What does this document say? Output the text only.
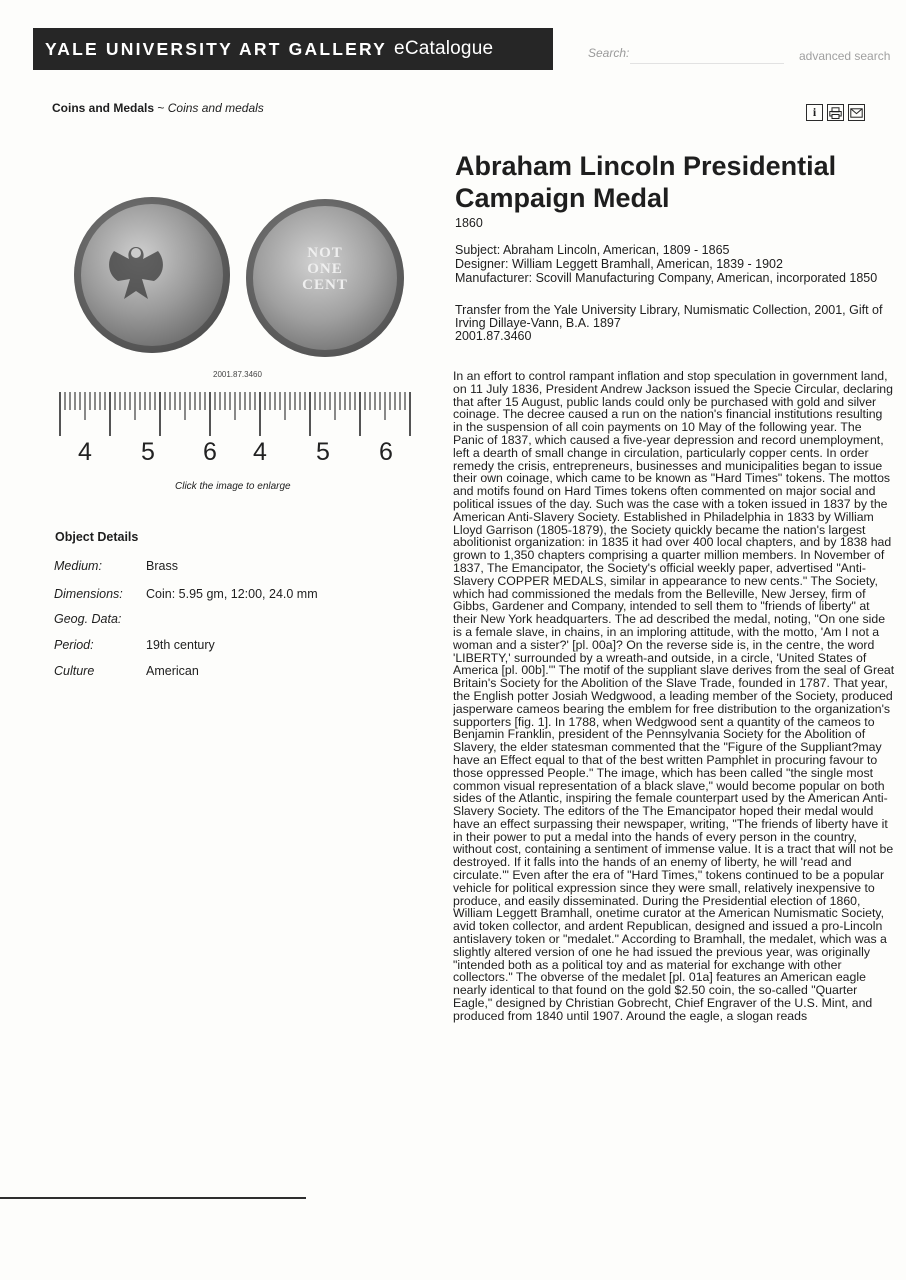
YALE UNIVERSITY ART GALLERY eCatalogue	Search:	advanced search
Coins and Medals ~ Coins and medals	i
Abraham Lincoln Presidential Campaign Medal
1860
Subject: Abraham Lincoln, American, 1809 - 1865
Designer: William Leggett Bramhall, American, 1839 - 1902
Manufacturer: Scovill Manufacturing Company, American, incorporated 1850
Transfer from the Yale University Library, Numismatic Collection, 2001, Gift of Irving Dillaye-Vann, B.A. 1897
2001.87.3460

In an effort to control rampant inflation and stop speculation in government land, on 11 July 1836, President Andrew Jackson issued the Specie Circular, declaring that after 15 August, public lands could only be purchased with gold and silver coinage. The decree caused a run on the nation's financial institutions resulting in the suspension of all coin payments on 10 May of the following year. The Panic of 1837, which caused a five-year depression and record unemployment, left a dearth of small change in circulation, particularly copper cents. In order remedy the crisis, entrepreneurs, businesses and municipalities began to issue their own coinage, which came to be known as "Hard Times" tokens. The mottos and motifs found on Hard Times tokens often commented on major social and political issues of the day. Such was the case with a token issued in 1837 by the American Anti-Slavery Society. Established in Philadelphia in 1833 by William Lloyd Garrison (1805-1879), the Society quickly became the nation's largest abolitionist organization: in 1835 it had over 400 local chapters, and by 1838 had grown to 1,350 chapters comprising a quarter million members. In November of 1837, The Emancipator, the Society's official weekly paper, advertised "Anti-Slavery COPPER MEDALS, similar in appearance to new cents." The Society, which had commissioned the medals from the Belleville, New Jersey, firm of Gibbs, Gardener and Company, intended to sell them to "friends of liberty" at their New York headquarters. The ad described the medal, noting, "On one side is a female slave, in chains, in an imploring attitude, with the motto, 'Am I not a woman and a sister?' [pl. 00a]? On the reverse side is, in the centre, the word 'LIBERTY,' surrounded by a wreath-and outside, in a circle, 'United States of America [pl. 00b].'" The motif of the suppliant slave derives from the seal of Great Britain's Society for the Abolition of the Slave Trade, founded in 1787. That year, the English potter Josiah Wedgwood, a leading member of the Society, produced jasperware cameos bearing the emblem for free distribution to the organization's supporters [fig. 1]. In 1788, when Wedgwood sent a quantity of the cameos to Benjamin Franklin, president of the Pennsylvania Society for the Abolition of Slavery, the elder statesman commented that the "Figure of the Suppliant?may have an Effect equal to that of the best written Pamphlet in procuring favour to those oppressed People." The image, which has been called "the single most common visual representation of a black slave," would become popular on both sides of the Atlantic, inspiring the female counterpart used by the American Anti-Slavery Society. The editors of the The Emancipator hoped their medal would have an effect surpassing their newspaper, writing, "The friends of liberty have it in their power to put a medal into the hands of every person in the country, without cost, containing a sentiment of immense value. It is a tract that will not be destroyed. If it falls into the hands of an enemy of liberty, he will 'read and circulate.'" Even after the era of "Hard Times," tokens continued to be a popular vehicle for political expression since they were small, relatively inexpensive to produce, and easily disseminated. During the Presidential election of 1860, William Leggett Bramhall, onetime curator at the American Numismatic Society, avid token collector, and ardent Republican, designed and issued a pro-Lincoln antislavery token or "medalet." According to Bramhall, the medalet, which was a slightly altered version of one he had issued the previous year, was originally "intended both as a political toy and as material for exchange with other collectors." The obverse of the medalet [pl. 01a] features an American eagle nearly identical to that found on the gold $2.50 coin, the so-called "Quarter Eagle," designed by Christian Gobrecht, Chief Engraver of the U.S. Mint, and produced from 1840 until 1907. Around the eagle, a slogan reads

NOT
ONE
CENT
2001.87.3460
4 5 6 4 5 6
Click the image to enlarge
Object Details
Medium:	Brass
Dimensions: Coin: 5.95 gm, 12:00, 24.0 mm
Geog. Data:
Period:	19th century
Culture	American
